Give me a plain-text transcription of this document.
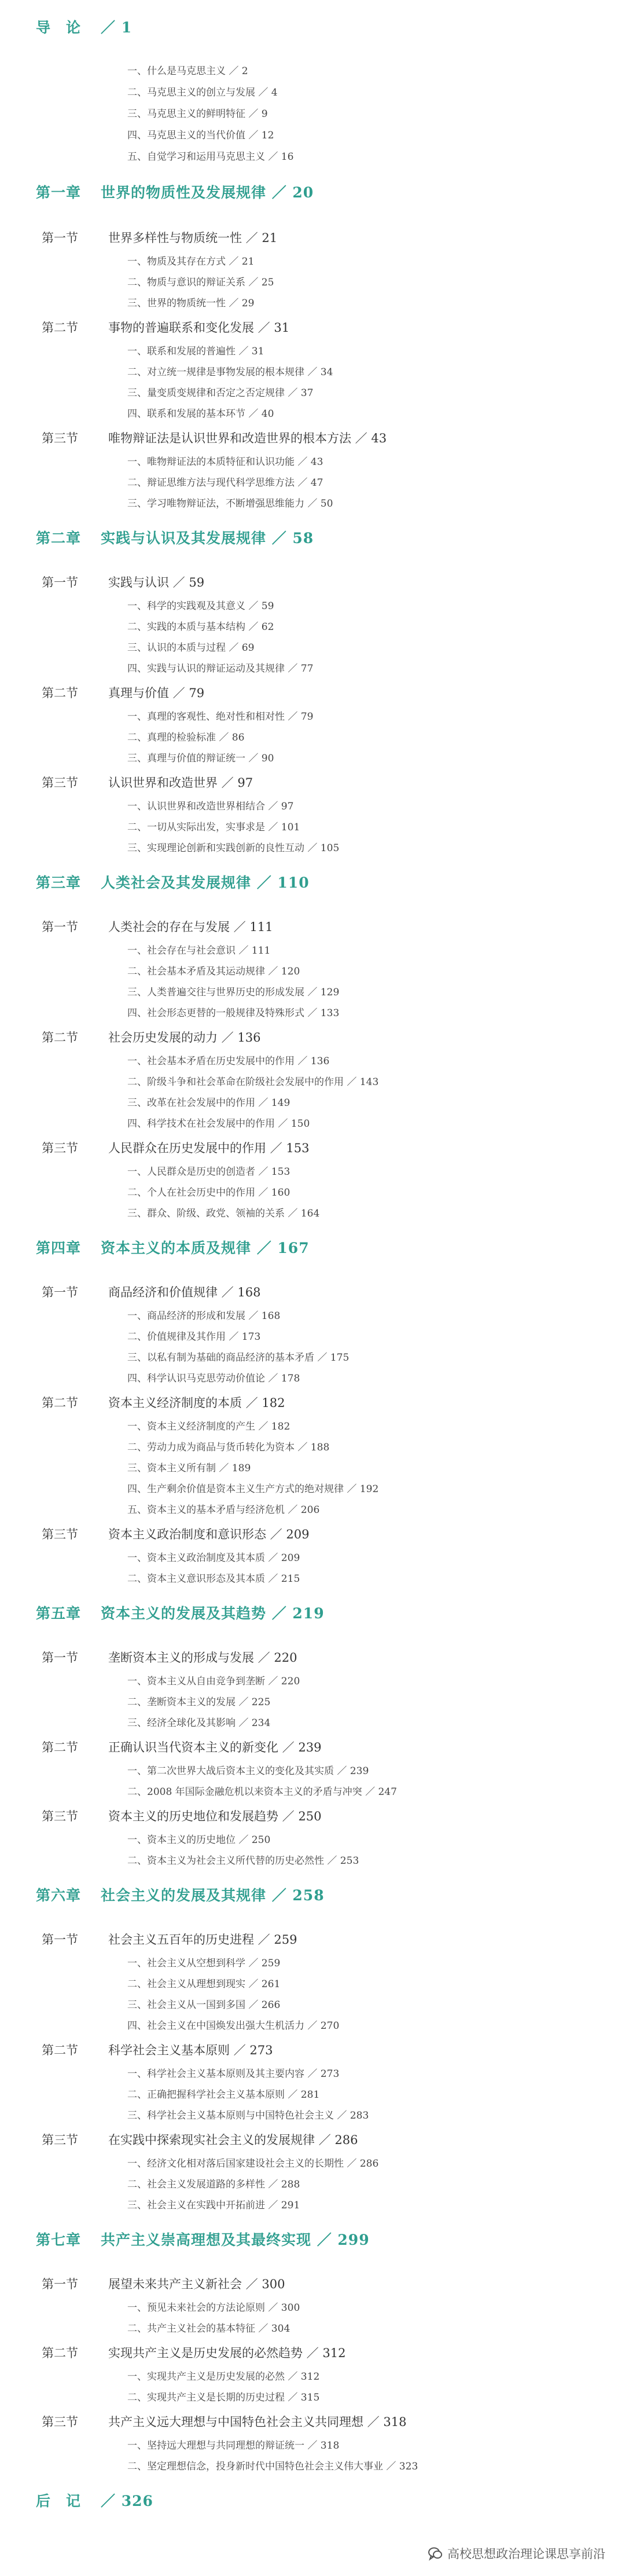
导　论 ／ 1
一、什么是马克思主义 ／ 2
二、马克思主义的创立与发展 ／ 4
三、马克思主义的鲜明特征 ／ 9
四、马克思主义的当代价值 ／ 12
五、自觉学习和运用马克思主义 ／ 16
第一章 世界的物质性及发展规律 ／ 20
第一节 世界多样性与物质统一性 ／ 21
一、物质及其存在方式 ／ 21
二、物质与意识的辩证关系 ／ 25
三、世界的物质统一性 ／ 29
第二节 事物的普遍联系和变化发展 ／ 31
一、联系和发展的普遍性 ／ 31
二、对立统一规律是事物发展的根本规律 ／ 34
三、量变质变规律和否定之否定规律 ／ 37
四、联系和发展的基本环节 ／ 40
第三节 唯物辩证法是认识世界和改造世界的根本方法 ／ 43
一、唯物辩证法的本质特征和认识功能 ／ 43
二、辩证思维方法与现代科学思维方法 ／ 47
三、学习唯物辩证法，不断增强思维能力 ／ 50
第二章 实践与认识及其发展规律 ／ 58
第一节 实践与认识 ／ 59
一、科学的实践观及其意义 ／ 59
二、实践的本质与基本结构 ／ 62
三、认识的本质与过程 ／ 69
四、实践与认识的辩证运动及其规律 ／ 77
第二节 真理与价值 ／ 79
一、真理的客观性、绝对性和相对性 ／ 79
二、真理的检验标准 ／ 86
三、真理与价值的辩证统一 ／ 90
第三节 认识世界和改造世界 ／ 97
一、认识世界和改造世界相结合 ／ 97
二、一切从实际出发，实事求是 ／ 101
三、实现理论创新和实践创新的良性互动 ／ 105
第三章 人类社会及其发展规律 ／ 110
第一节 人类社会的存在与发展 ／ 111
一、社会存在与社会意识 ／ 111
二、社会基本矛盾及其运动规律 ／ 120
三、人类普遍交往与世界历史的形成发展 ／ 129
四、社会形态更替的一般规律及特殊形式 ／ 133
第二节 社会历史发展的动力 ／ 136
一、社会基本矛盾在历史发展中的作用 ／ 136
二、阶级斗争和社会革命在阶级社会发展中的作用 ／ 143
三、改革在社会发展中的作用 ／ 149
四、科学技术在社会发展中的作用 ／ 150
第三节 人民群众在历史发展中的作用 ／ 153
一、人民群众是历史的创造者 ／ 153
二、个人在社会历史中的作用 ／ 160
三、群众、阶级、政党、领袖的关系 ／ 164
第四章 资本主义的本质及规律 ／ 167
第一节 商品经济和价值规律 ／ 168
一、商品经济的形成和发展 ／ 168
二、价值规律及其作用 ／ 173
三、以私有制为基础的商品经济的基本矛盾 ／ 175
四、科学认识马克思劳动价值论 ／ 178
第二节 资本主义经济制度的本质 ／ 182
一、资本主义经济制度的产生 ／ 182
二、劳动力成为商品与货币转化为资本 ／ 188
三、资本主义所有制 ／ 189
四、生产剩余价值是资本主义生产方式的绝对规律 ／ 192
五、资本主义的基本矛盾与经济危机 ／ 206
第三节 资本主义政治制度和意识形态 ／ 209
一、资本主义政治制度及其本质 ／ 209
二、资本主义意识形态及其本质 ／ 215
第五章 资本主义的发展及其趋势 ／ 219
第一节 垄断资本主义的形成与发展 ／ 220
一、资本主义从自由竞争到垄断 ／ 220
二、垄断资本主义的发展 ／ 225
三、经济全球化及其影响 ／ 234
第二节 正确认识当代资本主义的新变化 ／ 239
一、第二次世界大战后资本主义的变化及其实质 ／ 239
二、2008 年国际金融危机以来资本主义的矛盾与冲突 ／ 247
第三节 资本主义的历史地位和发展趋势 ／ 250
一、资本主义的历史地位 ／ 250
二、资本主义为社会主义所代替的历史必然性 ／ 253
第六章 社会主义的发展及其规律 ／ 258
第一节 社会主义五百年的历史进程 ／ 259
一、社会主义从空想到科学 ／ 259
二、社会主义从理想到现实 ／ 261
三、社会主义从一国到多国 ／ 266
四、社会主义在中国焕发出强大生机活力 ／ 270
第二节 科学社会主义基本原则 ／ 273
一、科学社会主义基本原则及其主要内容 ／ 273
二、正确把握科学社会主义基本原则 ／ 281
三、科学社会主义基本原则与中国特色社会主义 ／ 283
第三节 在实践中探索现实社会主义的发展规律 ／ 286
一、经济文化相对落后国家建设社会主义的长期性 ／ 286
二、社会主义发展道路的多样性 ／ 288
三、社会主义在实践中开拓前进 ／ 291
第七章 共产主义崇高理想及其最终实现 ／ 299
第一节 展望未来共产主义新社会 ／ 300
一、预见未来社会的方法论原则 ／ 300
二、共产主义社会的基本特征 ／ 304
第二节 实现共产主义是历史发展的必然趋势 ／ 312
一、实现共产主义是历史发展的必然 ／ 312
二、实现共产主义是长期的历史过程 ／ 315
第三节 共产主义远大理想与中国特色社会主义共同理想 ／ 318
一、坚持远大理想与共同理想的辩证统一 ／ 318
二、坚定理想信念，投身新时代中国特色社会主义伟大事业 ／ 323
后　记 ／ 326
高校思想政治理论课思享前沿
